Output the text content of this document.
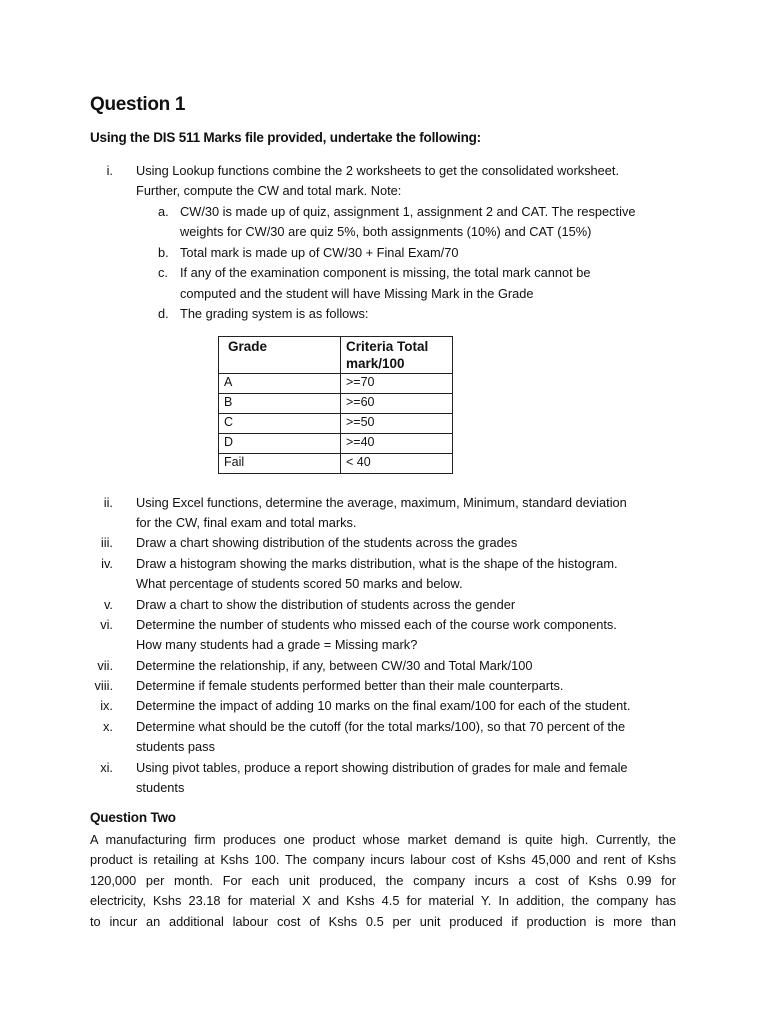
Question 1
Using the DIS 511 Marks file provided, undertake the following:
i. Using Lookup functions combine the 2 worksheets to get the consolidated worksheet.
Further, compute the CW and total mark. Note:
a. CW/30 is made up of quiz, assignment 1, assignment 2 and CAT. The respective
weights for CW/30 are quiz 5%, both assignments (10%) and CAT (15%)
b. Total mark is made up of CW/30 + Final Exam/70
c. If any of the examination component is missing, the total mark cannot be
computed and the student will have Missing Mark in the Grade
d. The grading system is as follows:
ii. Using Excel functions, determine the average, maximum, Minimum, standard deviation
for the CW, final exam and total marks.
iii. Draw a chart showing distribution of the students across the grades
iv. Draw a histogram showing the marks distribution, what is the shape of the histogram.
What percentage of students scored 50 marks and below.
v. Draw a chart to show the distribution of students across the gender
vi. Determine the number of students who missed each of the course work components.
How many students had a grade = Missing mark?
vii. Determine the relationship, if any, between CW/30 and Total Mark/100
viii. Determine if female students performed better than their male counterparts.
ix. Determine the impact of adding 10 marks on the final exam/100 for each of the student.
x. Determine what should be the cutoff (for the total marks/100), so that 70 percent of the
students pass
xi. Using pivot tables, produce a report showing distribution of grades for male and female
students
Grade	Criteria Total mark/100
A	>=70
B	>=60
C	>=50
D	>=40
Fail	< 40
Question Two
A manufacturing firm produces one product whose market demand is quite high. Currently, the
product is retailing at Kshs 100. The company incurs labour cost of Kshs 45,000 and rent of Kshs
120,000 per month. For each unit produced, the company incurs a cost of Kshs 0.99 for
electricity, Kshs 23.18 for material X and Kshs 4.5 for material Y. In addition, the company has
to incur an additional labour cost of Kshs 0.5 per unit produced if production is more than
